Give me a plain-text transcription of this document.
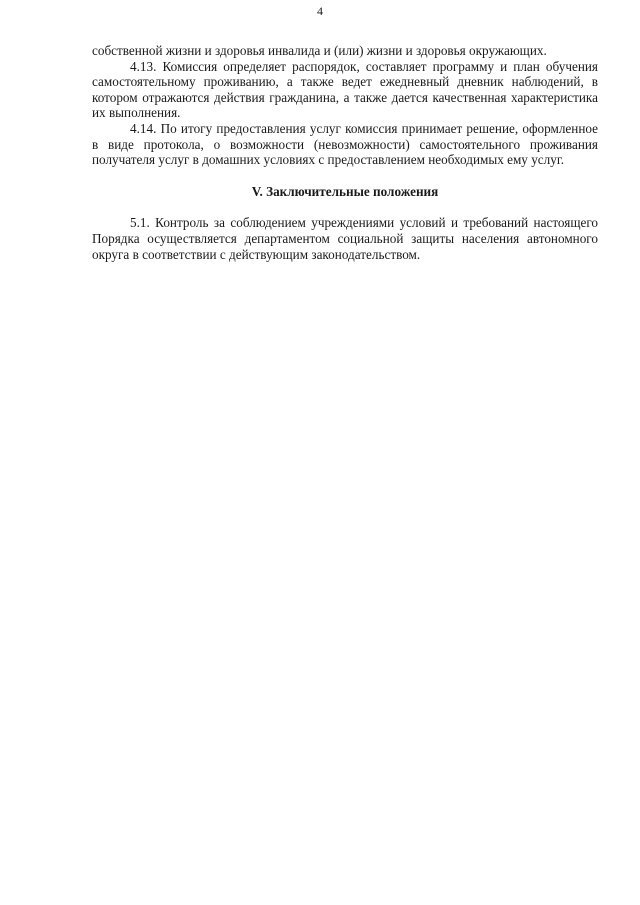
4

собственной жизни и здоровья инвалида и (или) жизни и здоровья окружающих.

4.13. Комиссия определяет распорядок, составляет программу и план обучения самостоятельному проживанию, а также ведет ежедневный дневник наблюдений, в котором отражаются действия гражданина, а также дается качественная характеристика их выполнения.

4.14. По итогу предоставления услуг комиссия принимает решение, оформленное в виде протокола, о возможности (невозможности) самостоятельного проживания получателя услуг в домашних условиях с предоставлением необходимых ему услуг.

V. Заключительные положения

5.1. Контроль за соблюдением учреждениями условий и требований настоящего Порядка осуществляется департаментом социальной защиты населения автономного округа в соответствии с действующим законодательством.
